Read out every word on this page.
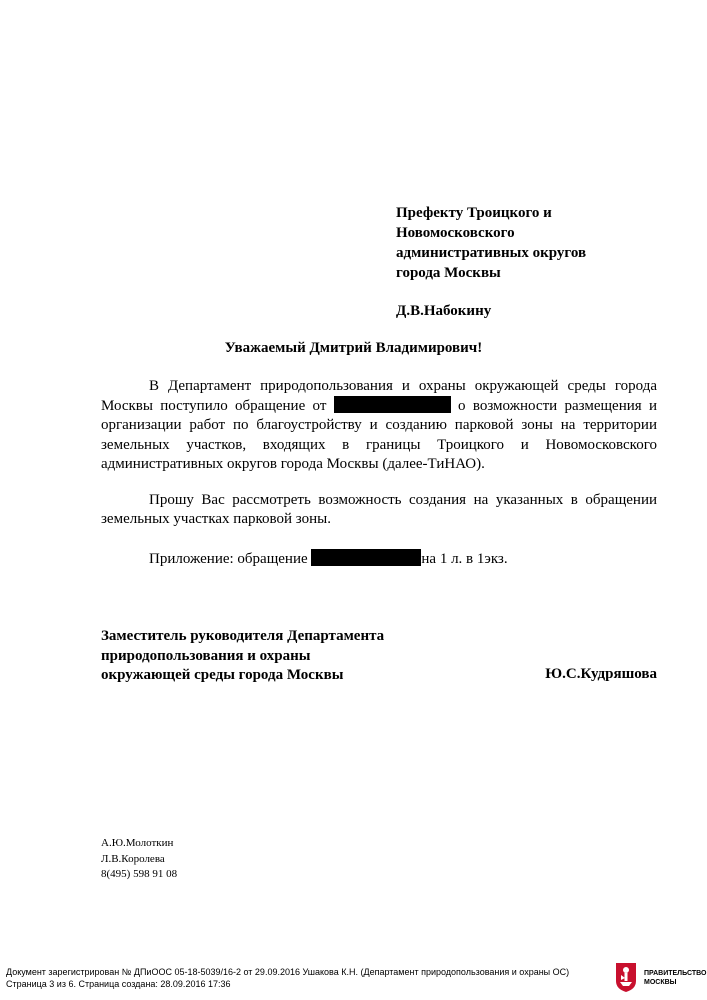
Префекту Троицкого и
Новомосковского
административных округов
города Москвы
Д.В.Набокину
Уважаемый Дмитрий Владимирович!
В Департамент природопользования и охраны окружающей среды города Москвы поступило обращение от	о возможности размещения и организации работ по благоустройству и созданию парковой зоны на территории земельных участков, входящих в границы Троицкого и Новомосковского административных округов города Москвы (далее-ТиНАО).
Прошу Вас рассмотреть возможность создания на указанных в обращении земельных участках парковой зоны.
Приложение: обращение	на 1 л. в 1экз.
Заместитель руководителя Департамента
природопользования и охраны
окружающей среды города Москвы	Ю.С.Кудряшова
А.Ю.Молоткин
Л.В.Королева
8(495) 598 91 08
Документ зарегистрирован № ДПиООС 05-18-5039/16-2 от 29.09.2016 Ушакова К.Н. (Департамент природопользования и охраны ОС)
Страница 3 из 6. Страница создана: 28.09.2016 17:36
ПРАВИТЕЛЬСТВО
МОСКВЫ
